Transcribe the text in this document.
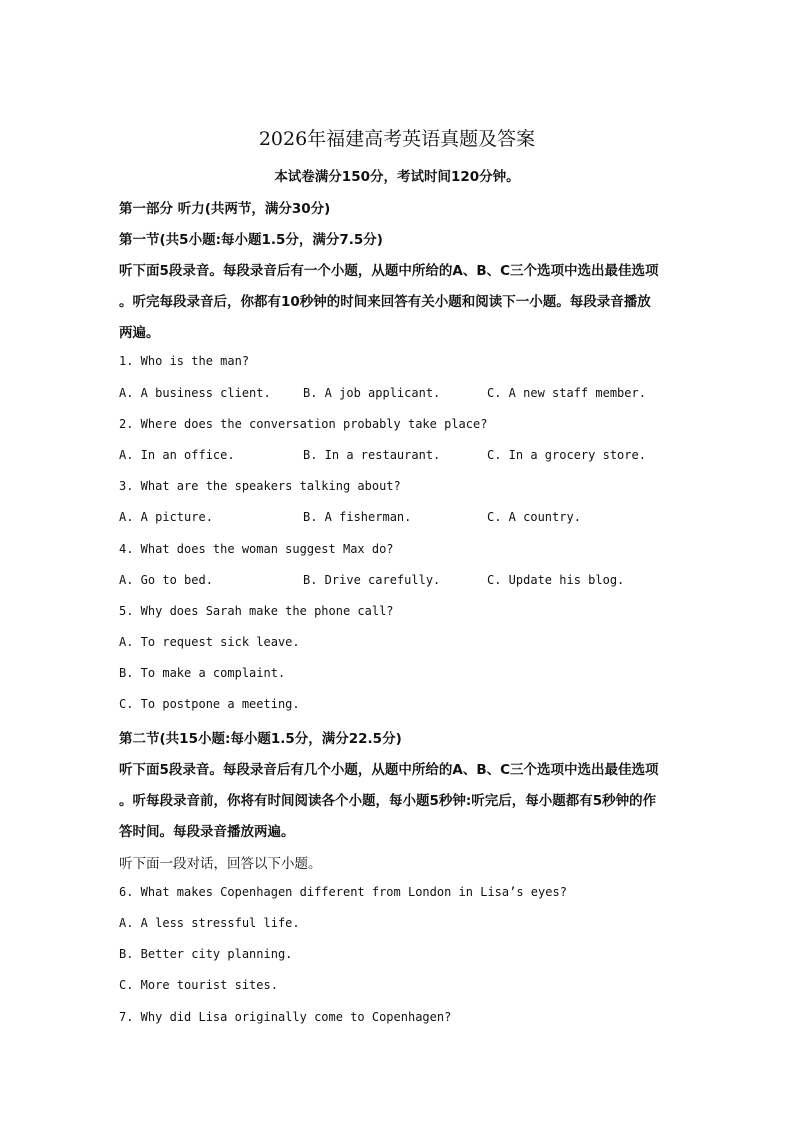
2026年福建高考英语真题及答案
本试卷满分150分，考试时间120分钟。
第一部分 听力(共两节，满分30分)
第一节(共5小题:每小题1.5分，满分7.5分)
听下面5段录音。每段录音后有一个小题，从题中所给的A、B、C三个选项中选出最佳选项
。听完每段录音后，你都有10秒钟的时间来回答有关小题和阅读下一小题。每段录音播放
两遍。
1. Who is the man?
A. A business client.	B. A job applicant.	C. A new staff member.
2. Where does the conversation probably take place?
A. In an office.	B. In a restaurant.	C. In a grocery store.
3. What are the speakers talking about?
A. A picture.	B. A fisherman.	C. A country.
4. What does the woman suggest Max do?
A. Go to bed.	B. Drive carefully.	C. Update his blog.
5. Why does Sarah make the phone call?
A. To request sick leave.
B. To make a complaint.
C. To postpone a meeting.
第二节(共15小题:每小题1.5分，满分22.5分)
听下面5段录音。每段录音后有几个小题，从题中所给的A、B、C三个选项中选出最佳选项
。听每段录音前，你将有时间阅读各个小题，每小题5秒钟:听完后，每小题都有5秒钟的作
答时间。每段录音播放两遍。
听下面一段对话，回答以下小题。
6. What makes Copenhagen different from London in Lisa’s eyes?
A. A less stressful life.
B. Better city planning.
C. More tourist sites.
7. Why did Lisa originally come to Copenhagen?
